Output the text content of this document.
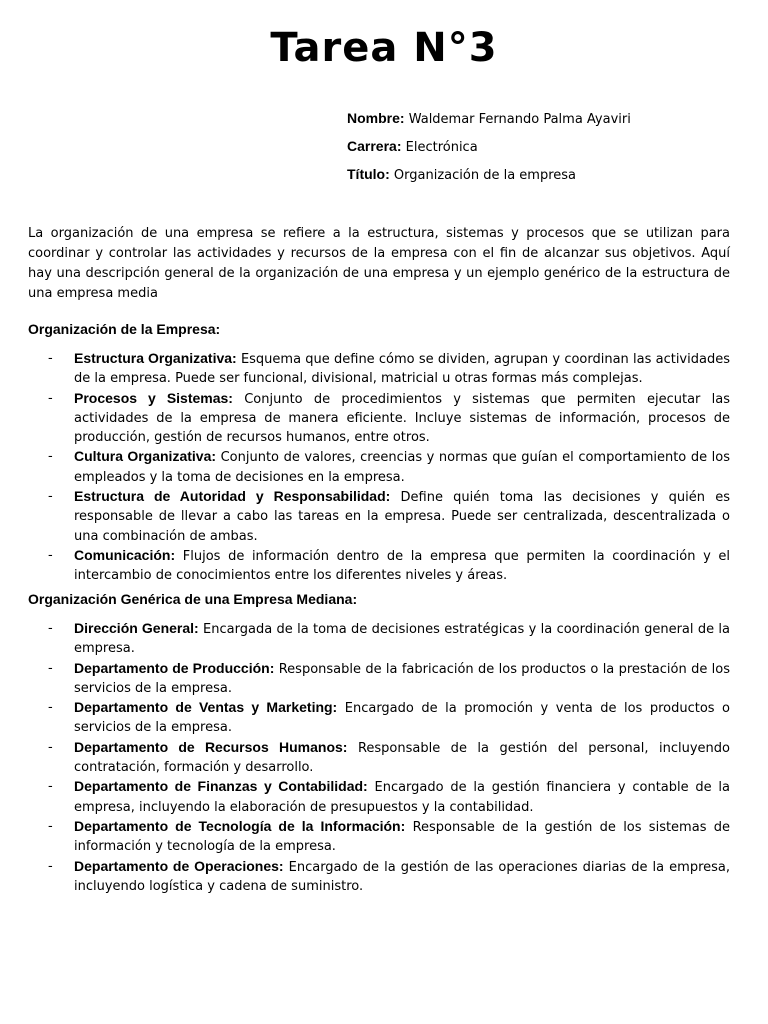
Tarea N°3
Nombre: Waldemar Fernando Palma Ayaviri
Carrera: Electrónica
Título: Organización de la empresa

La organización de una empresa se refiere a la estructura, sistemas y procesos que se utilizan para coordinar y controlar las actividades y recursos de la empresa con el fin de alcanzar sus objetivos. Aquí hay una descripción general de la organización de una empresa y un ejemplo genérico de la estructura de una empresa media

Organización de la Empresa:
- Estructura Organizativa: Esquema que define cómo se dividen, agrupan y coordinan las actividades de la empresa. Puede ser funcional, divisional, matricial u otras formas más complejas.
- Procesos y Sistemas: Conjunto de procedimientos y sistemas que permiten ejecutar las actividades de la empresa de manera eficiente. Incluye sistemas de información, procesos de producción, gestión de recursos humanos, entre otros.
- Cultura Organizativa: Conjunto de valores, creencias y normas que guían el comportamiento de los empleados y la toma de decisiones en la empresa.
- Estructura de Autoridad y Responsabilidad: Define quién toma las decisiones y quién es responsable de llevar a cabo las tareas en la empresa. Puede ser centralizada, descentralizada o una combinación de ambas.
- Comunicación: Flujos de información dentro de la empresa que permiten la coordinación y el intercambio de conocimientos entre los diferentes niveles y áreas.
Organización Genérica de una Empresa Mediana:
- Dirección General: Encargada de la toma de decisiones estratégicas y la coordinación general de la empresa.
- Departamento de Producción: Responsable de la fabricación de los productos o la prestación de los servicios de la empresa.
- Departamento de Ventas y Marketing: Encargado de la promoción y venta de los productos o servicios de la empresa.
- Departamento de Recursos Humanos: Responsable de la gestión del personal, incluyendo contratación, formación y desarrollo.
- Departamento de Finanzas y Contabilidad: Encargado de la gestión financiera y contable de la empresa, incluyendo la elaboración de presupuestos y la contabilidad.
- Departamento de Tecnología de la Información: Responsable de la gestión de los sistemas de información y tecnología de la empresa.
- Departamento de Operaciones: Encargado de la gestión de las operaciones diarias de la empresa, incluyendo logística y cadena de suministro.
